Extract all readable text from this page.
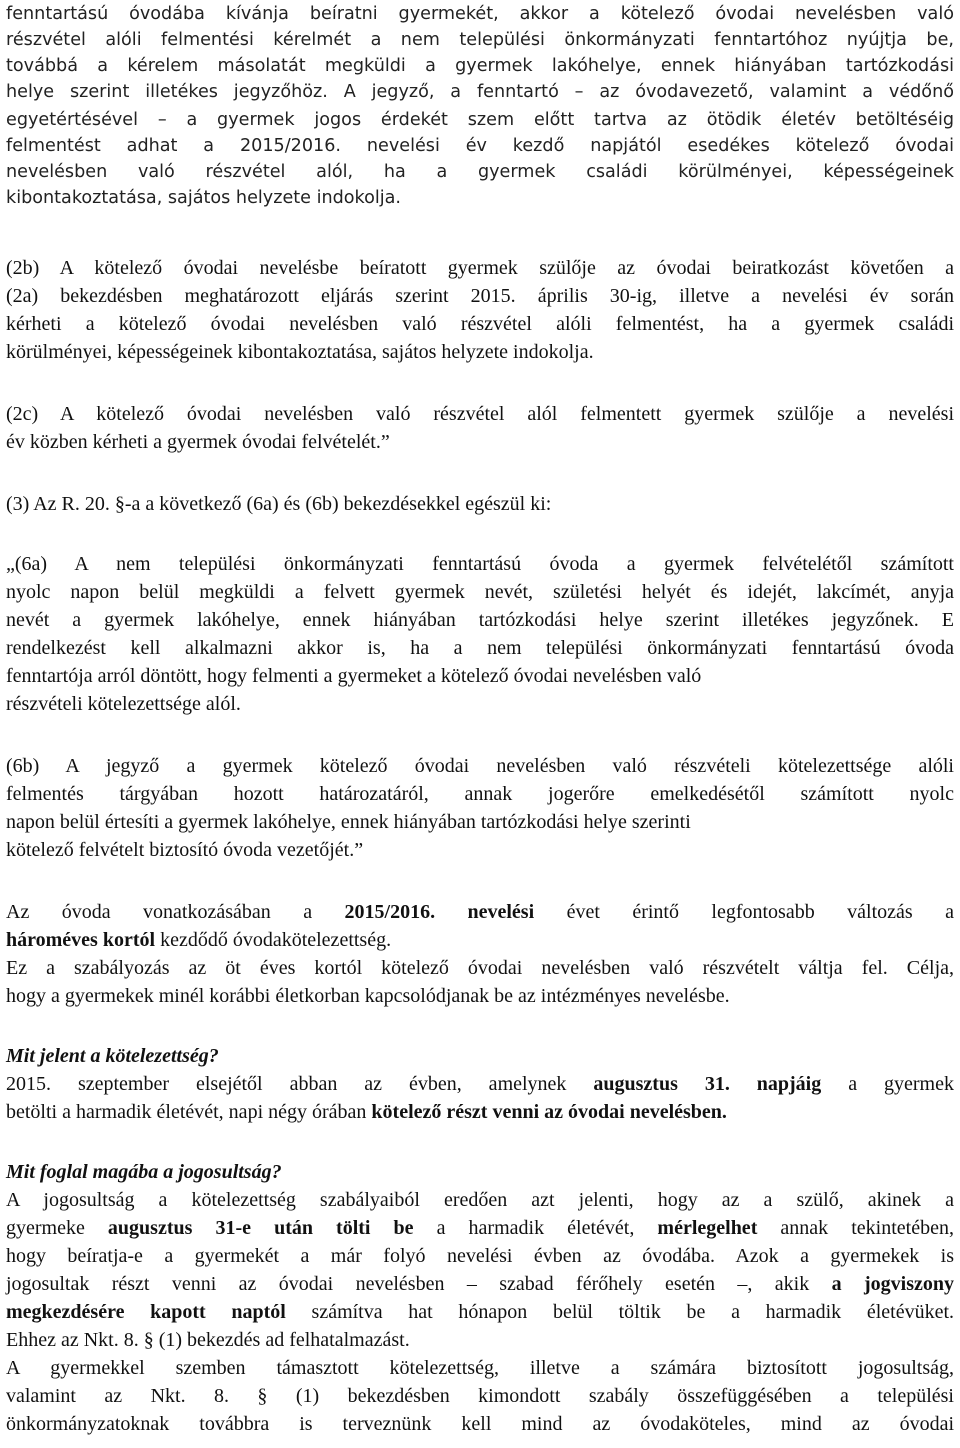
fenntartású óvodába kívánja beíratni gyermekét, akkor a kötelező óvodai nevelésben való
részvétel alóli felmentési kérelmét a nem települési önkormányzati fenntartóhoz nyújtja be,
továbbá a kérelem másolatát megküldi a gyermek lakóhelye, ennek hiányában tartózkodási
helye szerint illetékes jegyzőhöz. A jegyző, a fenntartó – az óvodavezető, valamint a védőnő
egyetértésével – a gyermek jogos érdekét szem előtt tartva az ötödik életév betöltéséig
felmentést adhat a 2015/2016. nevelési év kezdő napjától esedékes kötelező óvodai
nevelésben való részvétel alól, ha a gyermek családi körülményei, képességeinek
kibontakoztatása, sajátos helyzete indokolja.
(2b) A kötelező óvodai nevelésbe beíratott gyermek szülője az óvodai beiratkozást követően a
(2a) bekezdésben meghatározott eljárás szerint 2015. április 30-ig, illetve a nevelési év során
kérheti a kötelező óvodai nevelésben való részvétel alóli felmentést, ha a gyermek családi
körülményei, képességeinek kibontakoztatása, sajátos helyzete indokolja.
(2c) A kötelező óvodai nevelésben való részvétel alól felmentett gyermek szülője a nevelési
év közben kérheti a gyermek óvodai felvételét.”
(3) Az R. 20. §-a a következő (6a) és (6b) bekezdésekkel egészül ki:
„(6a) A nem települési önkormányzati fenntartású óvoda a gyermek felvételétől számított
nyolc napon belül megküldi a felvett gyermek nevét, születési helyét és idejét, lakcímét, anyja
nevét a gyermek lakóhelye, ennek hiányában tartózkodási helye szerint illetékes jegyzőnek. E
rendelkezést kell alkalmazni akkor is, ha a nem települési önkormányzati fenntartású óvoda
fenntartója arról döntött, hogy felmenti a gyermeket a kötelező óvodai nevelésben való
részvételi kötelezettsége alól.
(6b) A jegyző a gyermek kötelező óvodai nevelésben való részvételi kötelezettsége alóli
felmentés tárgyában hozott határozatáról, annak jogerőre emelkedésétől számított nyolc
napon belül értesíti a gyermek lakóhelye, ennek hiányában tartózkodási helye szerinti
kötelező felvételt biztosító óvoda vezetőjét.”
Az óvoda vonatkozásában a 2015/2016. nevelési évet érintő legfontosabb változás a
hároméves kortól kezdődő óvodakötelezettség.
Ez a szabályozás az öt éves kortól kötelező óvodai nevelésben való részvételt váltja fel. Célja,
hogy a gyermekek minél korábbi életkorban kapcsolódjanak be az intézményes nevelésbe.
Mit jelent a kötelezettség?
2015. szeptember elsejétől abban az évben, amelynek augusztus 31. napjáig a gyermek
betölti a harmadik életévét, napi négy órában kötelező részt venni az óvodai nevelésben.
Mit foglal magába a jogosultság?
A jogosultság a kötelezettség szabályaiból eredően azt jelenti, hogy az a szülő, akinek a
gyermeke augusztus 31-e után tölti be a harmadik életévét, mérlegelhet annak tekintetében,
hogy beíratja-e a gyermekét a már folyó nevelési évben az óvodába. Azok a gyermekek is
jogosultak részt venni az óvodai nevelésben – szabad férőhely esetén –, akik a jogviszony
megkezdésére kapott naptól számítva hat hónapon belül töltik be a harmadik életévüket.
Ehhez az Nkt. 8. § (1) bekezdés ad felhatalmazást.
A gyermekkel szemben támasztott kötelezettség, illetve a számára biztosított jogosultság,
valamint az Nkt. 8. § (1) bekezdésben kimondott szabály összefüggésében a települési
önkormányzatoknak továbbra is terveznünk kell mind az óvodaköteles, mind az óvodai
